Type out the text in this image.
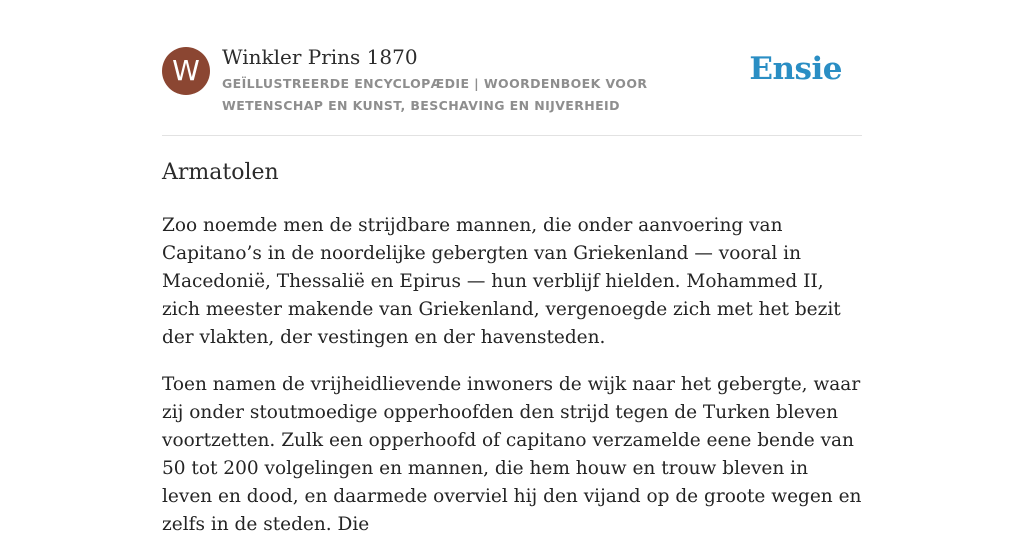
W	Winkler Prins 1870
GEÏLLUSTREERDE ENCYCLOPÆDIE | WOORDENBOEK VOOR WETENSCHAP EN KUNST, BESCHAVING EN NIJVERHEID
Ensie
Armatolen

Zoo noemde men de strijdbare mannen, die onder aanvoering van Capitano’s in de noordelijke gebergten van Griekenland — vooral in Macedonië, Thessalië en Epirus — hun verblijf hielden. Mohammed II, zich meester makende van Griekenland, vergenoegde zich met het bezit der vlakten, der vestingen en der havensteden.

Toen namen de vrijheidlievende inwoners de wijk naar het gebergte, waar zij onder stoutmoedige opperhoofden den strijd tegen de Turken bleven voortzetten. Zulk een opperhoofd of capitano verzamelde eene bende van 50 tot 200 volgelingen en mannen, die hem houw en trouw bleven in leven en dood, en daarmede overviel hij den vijand op de groote wegen en zelfs in de steden. Die
